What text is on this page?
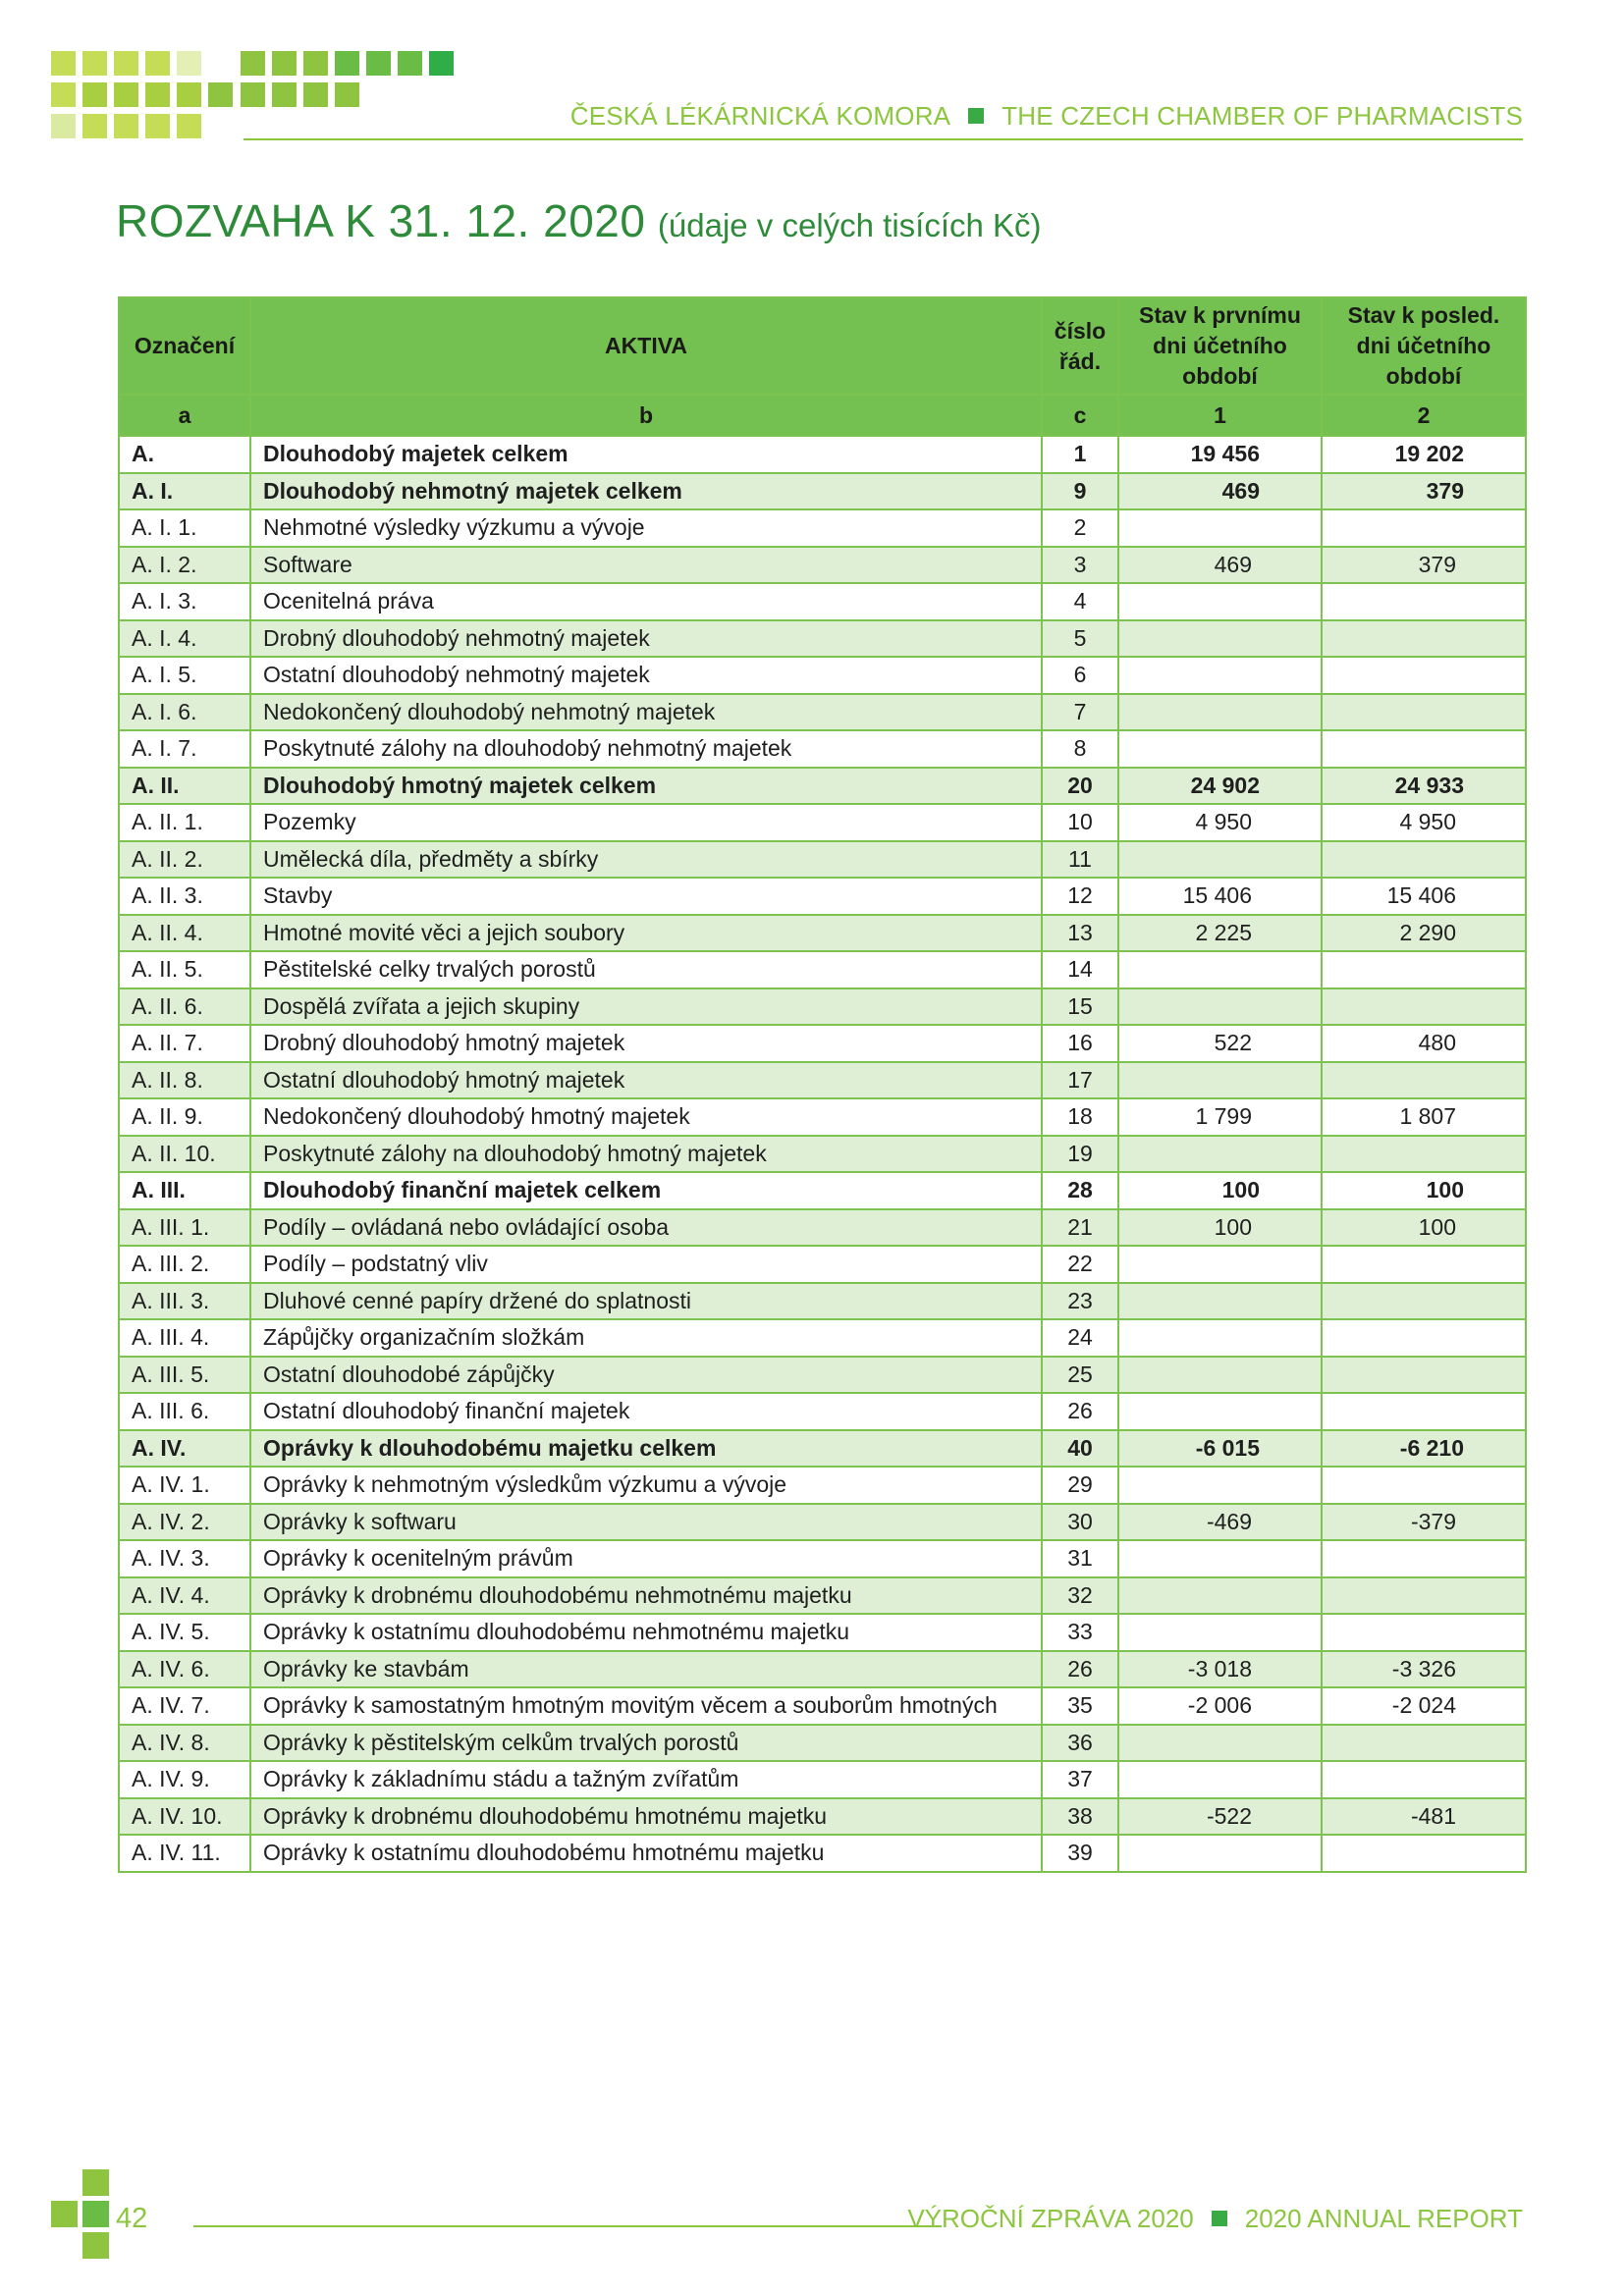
ČESKÁ LÉKÁRNICKÁ KOMORA THE CZECH CHAMBER OF PHARMACISTS
ROZVAHA K 31. 12. 2020 (údaje v celých tisících Kč)
Označení	AKTIVA	číslo řád.	Stav k prvnímu dni účetního období	Stav k posled. dni účetního období
a	b	c	1	2
A.	Dlouhodobý majetek celkem	1	19 456	19 202
A. I.	Dlouhodobý nehmotný majetek celkem	9	469	379
A. I. 1.	Nehmotné výsledky výzkumu a vývoje	2		
A. I. 2.	Software	3	469	379
A. I. 3.	Ocenitelná práva	4		
A. I. 4.	Drobný dlouhodobý nehmotný majetek	5		
A. I. 5.	Ostatní dlouhodobý nehmotný majetek	6		
A. I. 6.	Nedokončený dlouhodobý nehmotný majetek	7		
A. I. 7.	Poskytnuté zálohy na dlouhodobý nehmotný majetek	8		
A. II.	Dlouhodobý hmotný majetek celkem	20	24 902	24 933
A. II. 1.	Pozemky	10	4 950	4 950
A. II. 2.	Umělecká díla, předměty a sbírky	11		
A. II. 3.	Stavby	12	15 406	15 406
A. II. 4.	Hmotné movité věci a jejich soubory	13	2 225	2 290
A. II. 5.	Pěstitelské celky trvalých porostů	14		
A. II. 6.	Dospělá zvířata a jejich skupiny	15		
A. II. 7.	Drobný dlouhodobý hmotný majetek	16	522	480
A. II. 8.	Ostatní dlouhodobý hmotný majetek	17		
A. II. 9.	Nedokončený dlouhodobý hmotný majetek	18	1 799	1 807
A. II. 10.	Poskytnuté zálohy na dlouhodobý hmotný majetek	19		
A. III.	Dlouhodobý finanční majetek celkem	28	100	100
A. III. 1.	Podíly – ovládaná nebo ovládající osoba	21	100	100
A. III. 2.	Podíly – podstatný vliv	22		
A. III. 3.	Dluhové cenné papíry držené do splatnosti	23		
A. III. 4.	Zápůjčky organizačním složkám	24		
A. III. 5.	Ostatní dlouhodobé zápůjčky	25		
A. III. 6.	Ostatní dlouhodobý finanční majetek	26		
A. IV.	Oprávky k dlouhodobému majetku celkem	40	-6 015	-6 210
A. IV. 1.	Oprávky k nehmotným výsledkům výzkumu a vývoje	29		
A. IV. 2.	Oprávky k softwaru	30	-469	-379
A. IV. 3.	Oprávky k ocenitelným právům	31		
A. IV. 4.	Oprávky k drobnému dlouhodobému nehmotnému majetku	32		
A. IV. 5.	Oprávky k ostatnímu dlouhodobému nehmotnému majetku	33		
A. IV. 6.	Oprávky ke stavbám	26	-3 018	-3 326
A. IV. 7.	Oprávky k samostatným hmotným movitým věcem a souborům hmotných	35	-2 006	-2 024
A. IV. 8.	Oprávky k pěstitelským celkům trvalých porostů	36		
A. IV. 9.	Oprávky k základnímu stádu a tažným zvířatům	37		
A. IV. 10.	Oprávky k drobnému dlouhodobému hmotnému majetku	38	-522	-481
A. IV. 11.	Oprávky k ostatnímu dlouhodobému hmotnému majetku	39		
42	VÝROČNÍ ZPRÁVA 2020 2020 ANNUAL REPORT
